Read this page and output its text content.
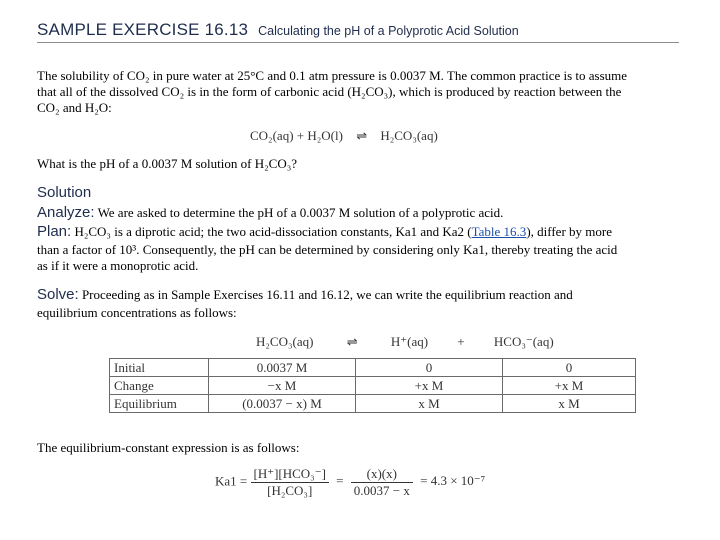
SAMPLE EXERCISE 16.13 Calculating the pH of a Polyprotic Acid Solution
The solubility of CO₂ in pure water at 25°C and 0.1 atm pressure is 0.0037 M. The common practice is to assume
that all of the dissolved CO₂ is in the form of carbonic acid (H₂CO₃), which is produced by reaction between the
CO₂ and H₂O:
CO₂(aq) + H₂O(l) ⇌ H₂CO₃(aq)
What is the pH of a 0.0037 M solution of H₂CO₃?
Solution
Analyze: We are asked to determine the pH of a 0.0037 M solution of a polyprotic acid.
Plan: H₂CO₃ is a diprotic acid; the two acid-dissociation constants, Ka1 and Ka2 (Table 16.3), differ by more
than a factor of 10³. Consequently, the pH can be determined by considering only Ka1, thereby treating the acid
as if it were a monoprotic acid.
Solve: Proceeding as in Sample Exercises 16.11 and 16.12, we can write the equilibrium reaction and
equilibrium concentrations as follows:
H₂CO₃(aq)	⇌	H⁺(aq) + HCO₃⁻(aq)
Initial	0.0037 M	0	0
Change	−x M	+x M	+x M
Equilibrium	(0.0037 − x) M	x M	x M
The equilibrium-constant expression is as follows:
$Ka1 = \frac{\text{[H⁺][HCO₃⁻]}}{\text{[H₂CO₃]}} = \frac{(x)(x)}{0.0037 - x} = 4.3 \times 10^{-7}$
